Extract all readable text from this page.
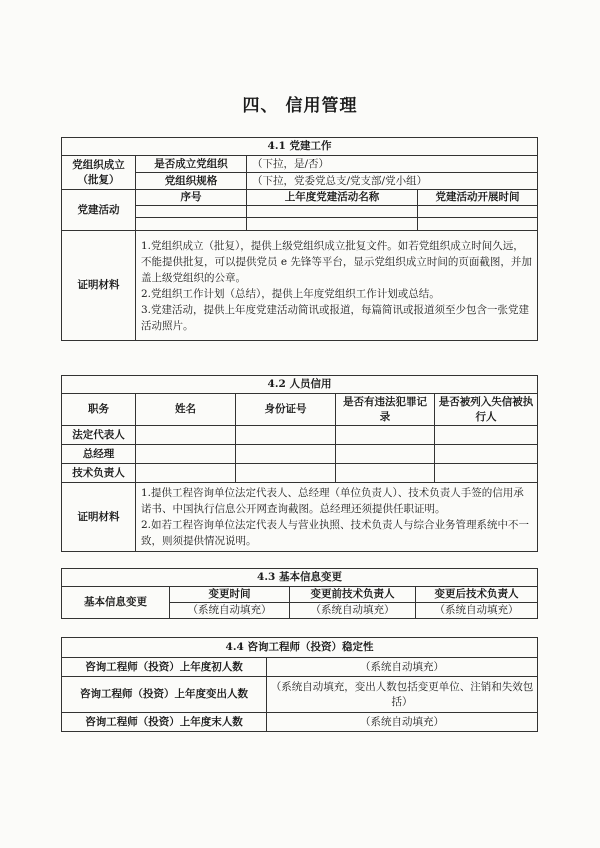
四、 信用管理
4.1 党建工作			
党组织成立（批复）	是否成立党组织	（下拉，是/否）	
	党组织规格	（下拉，党委党总支/党支部/党小组）	
党建活动	序号	上年度党建活动名称	党建活动开展时间

证明材料	1.党组织成立（批复），提供上级党组织成立批复文件。如若党组织成立时间久远，不能提供批复，可以提供党员 e 先锋等平台，显示党组织成立时间的页面截图，并加盖上级党组织的公章。

2.党组织工作计划（总结），提供上年度党组织工作计划或总结。

3.党建活动，提供上年度党建活动简讯或报道，每篇简讯或报道须至少包含一张党建活动照片。		

4.2 人员信用				
职务	姓名	身份证号	是否有违法犯罪记录	是否被列入失信被执行人
法定代表人				
总经理				
技术负责人				
证明材料	1.提供工程咨询单位法定代表人、总经理（单位负责人）、技术负责人手签的信用承诺书、中国执行信息公开网查询截图。总经理还须提供任职证明。

2.如若工程咨询单位法定代表人与营业执照、技术负责人与综合业务管理系统中不一致，则须提供情况说明。			

4.3 基本信息变更			
基本信息变更	变更时间	变更前技术负责人	变更后技术负责人
	（系统自动填充）	（系统自动填充）	（系统自动填充）
4.4 咨询工程师（投资）稳定性	
咨询工程师（投资）上年度初人数	（系统自动填充）
咨询工程师（投资）上年度变出人数	（系统自动填充，变出人数包括变更单位、注销和失效包括）
咨询工程师（投资）上年度末人数	（系统自动填充）
